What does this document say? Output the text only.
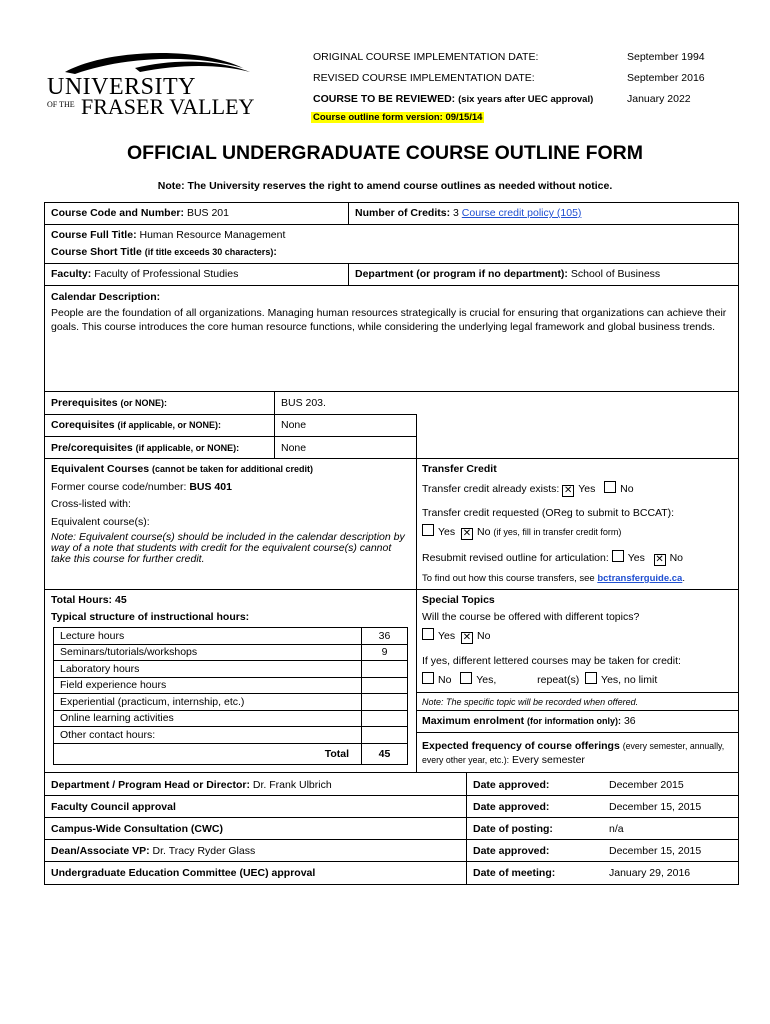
UNIVERSITY
OF THE FRASER VALLEY
ORIGINAL COURSE IMPLEMENTATION DATE:	September 1994
REVISED COURSE IMPLEMENTATION DATE:	September 2016
COURSE TO BE REVIEWED: (six years after UEC approval)	January 2022
Course outline form version: 09/15/14
OFFICIAL UNDERGRADUATE COURSE OUTLINE FORM
Note: The University reserves the right to amend course outlines as needed without notice.
Course Code and Number: BUS 201	Number of Credits: 3 Course credit policy (105)
Course Full Title: Human Resource Management
Course Short Title (if title exceeds 30 characters):
Faculty: Faculty of Professional Studies	Department (or program if no department): School of Business
Calendar Description:
People are the foundation of all organizations. Managing human resources strategically is crucial for ensuring that organizations can achieve their goals. This course introduces the core human resource functions, while considering the underlying legal framework and global business trends.
Prerequisites (or NONE):	BUS 203.
Corequisites (if applicable, or NONE):	None
Pre/corequisites (if applicable, or NONE):	None
Equivalent Courses (cannot be taken for additional credit)
Former course code/number: BUS 401
Cross-listed with:
Equivalent course(s):
Note: Equivalent course(s) should be included in the calendar description by way of a note that students with credit for the equivalent course(s) cannot take this course for further credit.
Transfer Credit
Transfer credit already exists: ✕ Yes No
Transfer credit requested (OReg to submit to BCCAT):
Yes ✕ No (if yes, fill in transfer credit form)
Resubmit revised outline for articulation: Yes ✕ No
To find out how this course transfers, see bctransferguide.ca.
Total Hours: 45
Typical structure of instructional hours:
Lecture hours	36
Seminars/tutorials/workshops	9
Laboratory hours	
Field experience hours	
Experiential (practicum, internship, etc.)	
Online learning activities	
Other contact hours:	
Total	45
Special Topics
Will the course be offered with different topics?
Yes ✕ No
If yes, different lettered courses may be taken for credit:
No Yes,	repeat(s) Yes, no limit
Note: The specific topic will be recorded when offered.
Maximum enrolment (for information only): 36
Expected frequency of course offerings (every semester, annually, every other year, etc.): Every semester
Department / Program Head or Director: Dr. Frank Ulbrich	Date approved:	December 2015
Faculty Council approval	Date approved:	December 15, 2015
Campus-Wide Consultation (CWC)	Date of posting:	n/a
Dean/Associate VP: Dr. Tracy Ryder Glass	Date approved:	December 15, 2015
Undergraduate Education Committee (UEC) approval	Date of meeting:	January 29, 2016
